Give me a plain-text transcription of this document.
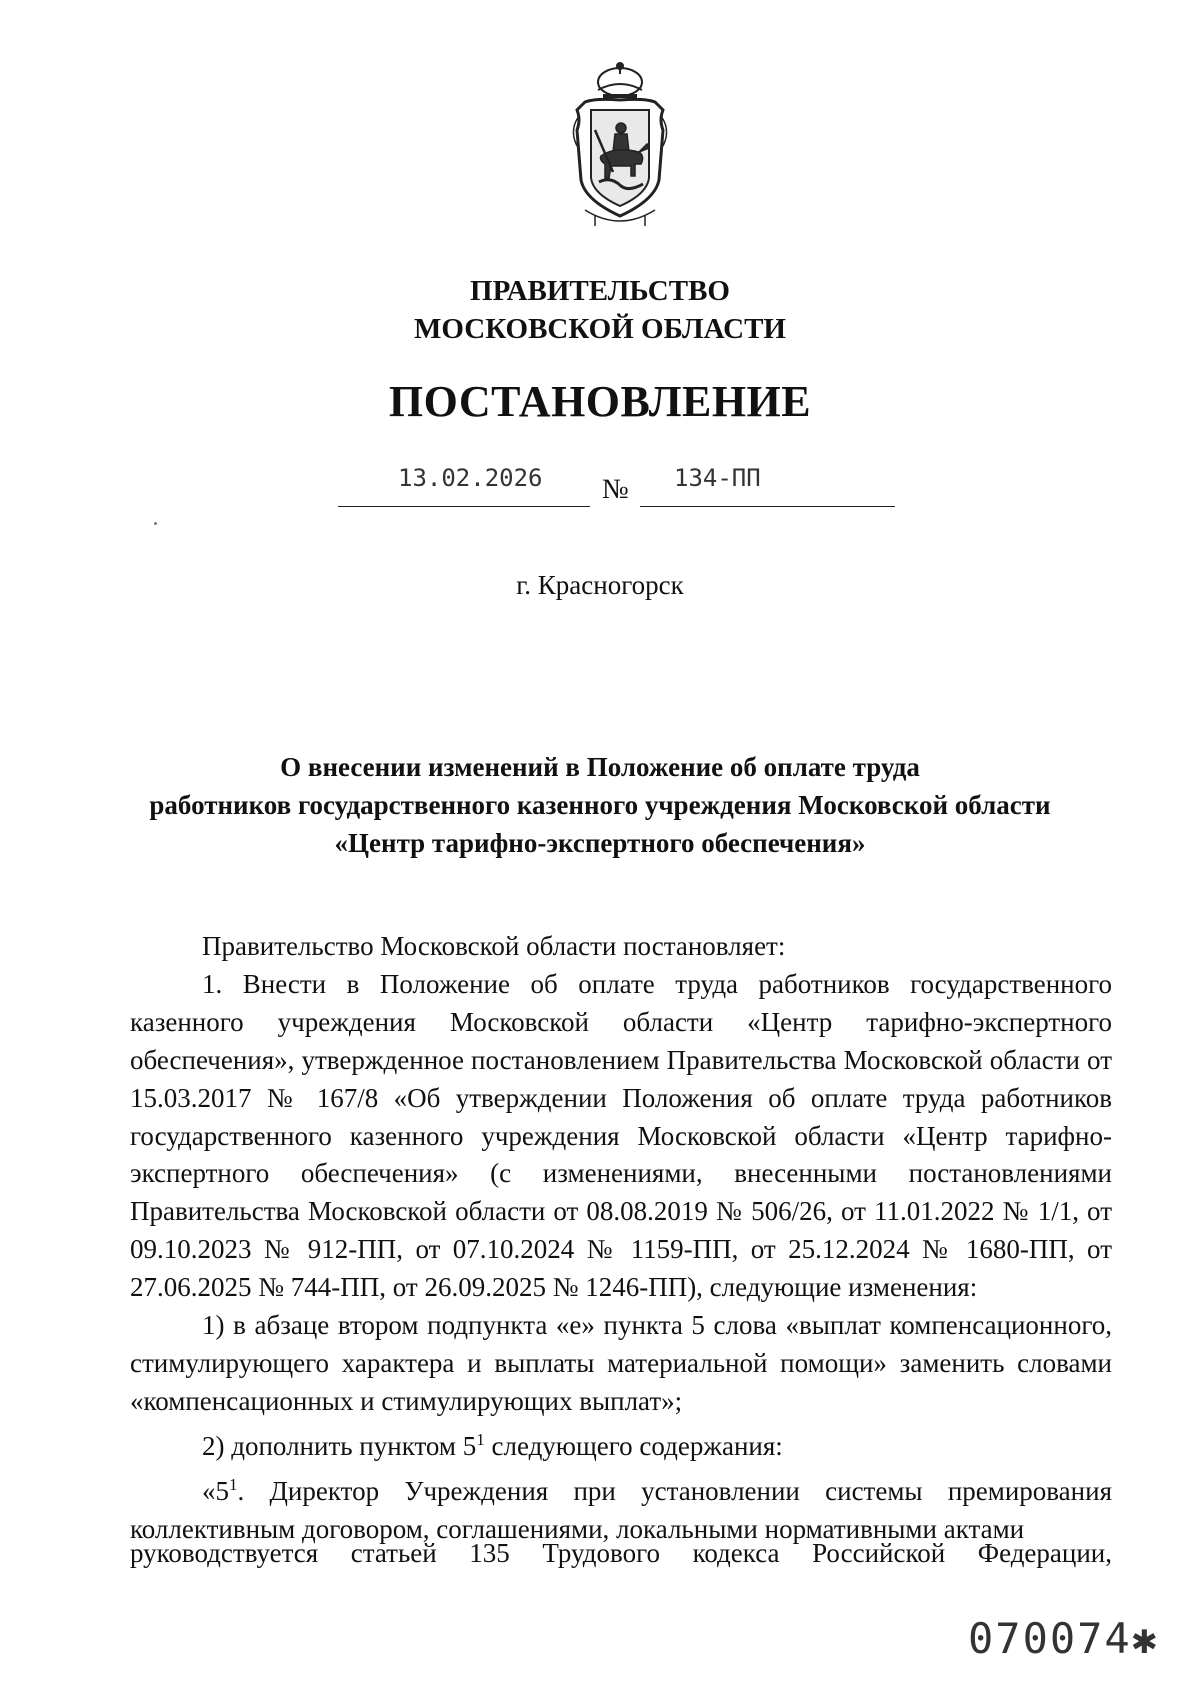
ПРАВИТЕЛЬСТВО
МОСКОВСКОЙ ОБЛАСТИ
ПОСТАНОВЛЕНИЕ
13.02.2026 № 134-ПП
г. Красногорск
О внесении изменений в Положение об оплате труда
работников государственного казенного учреждения Московской области
«Центр тарифно-экспертного обеспечения»

Правительство Московской области постановляет:

1. Внести в Положение об оплате труда работников государственного казенного учреждения Московской области «Центр тарифно-экспертного обеспечения», утвержденное постановлением Правительства Московской области от 15.03.2017 № 167/8 «Об утверждении Положения об оплате труда работников государственного казенного учреждения Московской области «Центр тарифно-экспертного обеспечения» (с изменениями, внесенными постановлениями Правительства Московской области от 08.08.2019 № 506/26, от 11.01.2022 № 1/1, от 09.10.2023 № 912-ПП, от 07.10.2024 № 1159-ПП, от 25.12.2024 № 1680-ПП, от 27.06.2025 № 744-ПП, от 26.09.2025 № 1246-ПП), следующие изменения:

1) в абзаце втором подпункта «е» пункта 5 слова «выплат компенсационного, стимулирующего характера и выплаты материальной помощи» заменить словами «компенсационных и стимулирующих выплат»;

2) дополнить пунктом $5^1$ следующего содержания:

«$5^1$. Директор Учреждения при установлении системы премирования коллективным договором, соглашениями, локальными нормативными актами

руководствуется статьей 135 Трудового кодекса Российской Федерации,
070074✱
